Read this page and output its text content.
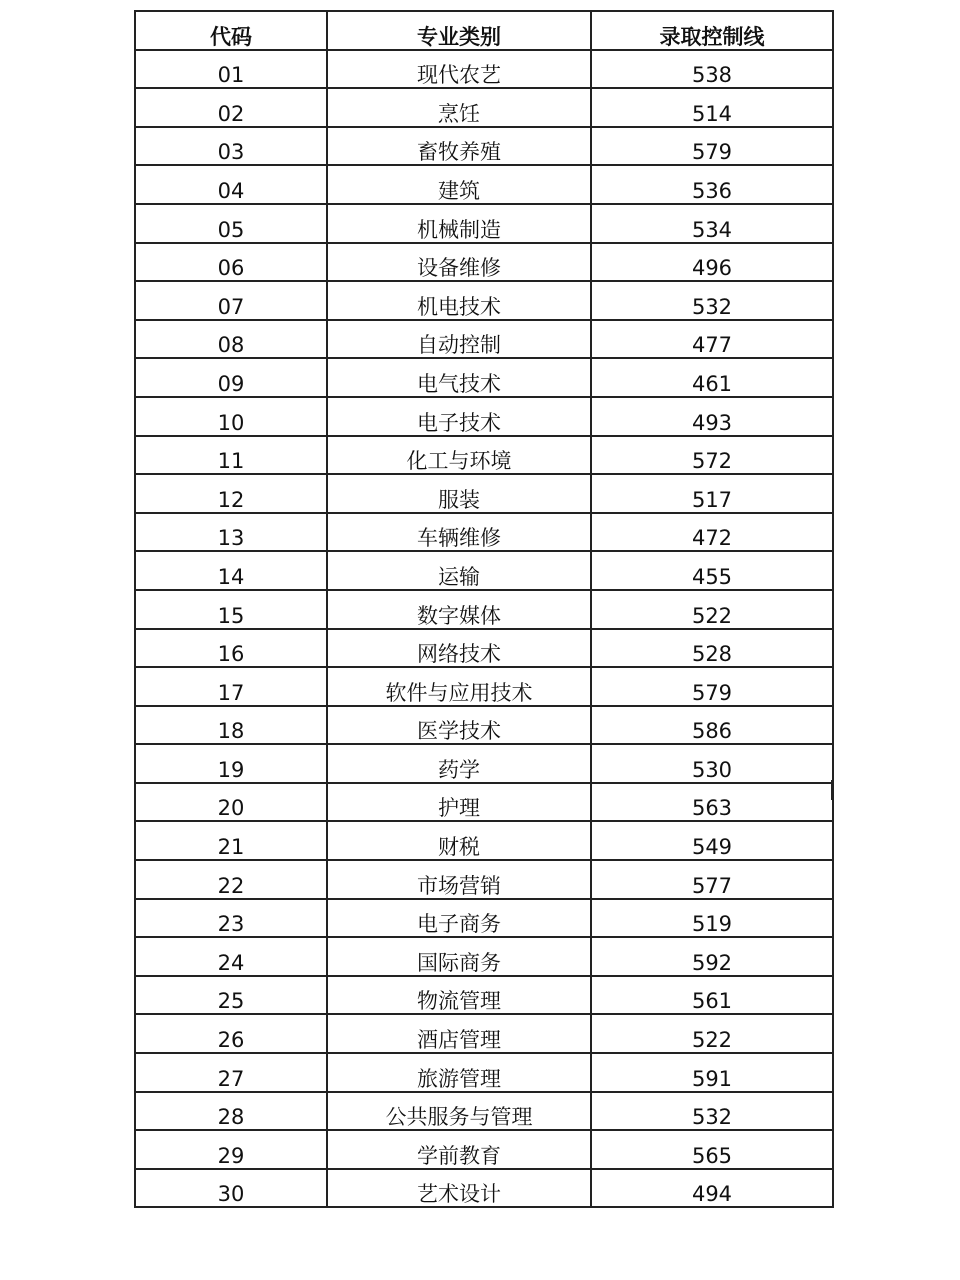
代码	专业类别	录取控制线
01	现代农艺	538
02	烹饪	514
03	畜牧养殖	579
04	建筑	536
05	机械制造	534
06	设备维修	496
07	机电技术	532
08	自动控制	477
09	电气技术	461
10	电子技术	493
11	化工与环境	572
12	服装	517
13	车辆维修	472
14	运输	455
15	数字媒体	522
16	网络技术	528
17	软件与应用技术	579
18	医学技术	586
19	药学	530
20	护理	563
21	财税	549
22	市场营销	577
23	电子商务	519
24	国际商务	592
25	物流管理	561
26	酒店管理	522
27	旅游管理	591
28	公共服务与管理	532
29	学前教育	565
30	艺术设计	494
